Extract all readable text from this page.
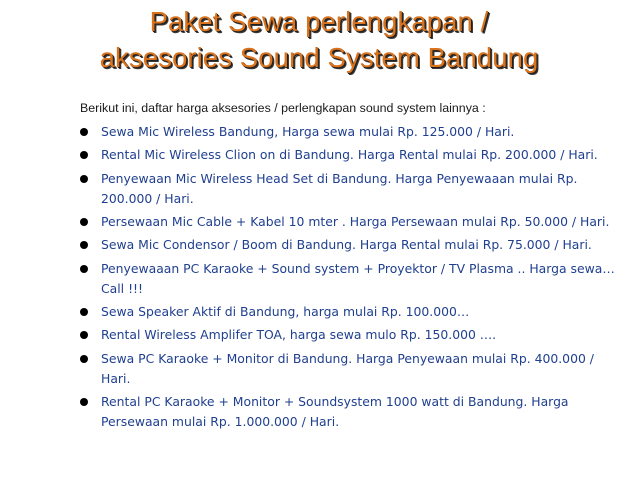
Paket Sewa perlengkapan /
aksesories Sound System Bandung
Berikut ini, daftar harga aksesories / perlengkapan sound system lainnya :
Sewa Mic Wireless Bandung, Harga sewa mulai Rp. 125.000 / Hari.
Rental Mic Wireless Clion on di Bandung. Harga Rental mulai Rp. 200.000 / Hari.
Penyewaan Mic Wireless Head Set di Bandung. Harga Penyewaaan mulai Rp. 200.000 / Hari.
Persewaan Mic Cable + Kabel 10 mter . Harga Persewaan mulai Rp. 50.000 / Hari.
Sewa Mic Condensor / Boom di Bandung. Harga Rental mulai Rp. 75.000 / Hari.
Penyewaaan PC Karaoke + Sound system + Proyektor / TV Plasma .. Harga sewa… Call !!!
Sewa Speaker Aktif di Bandung, harga mulai Rp. 100.000…
Rental Wireless Amplifer TOA, harga sewa mulo Rp. 150.000 ….
Sewa PC Karaoke + Monitor di Bandung. Harga Penyewaan mulai Rp. 400.000 / Hari.
Rental PC Karaoke + Monitor + Soundsystem 1000 watt di Bandung. Harga Persewaan mulai Rp. 1.000.000 / Hari.
